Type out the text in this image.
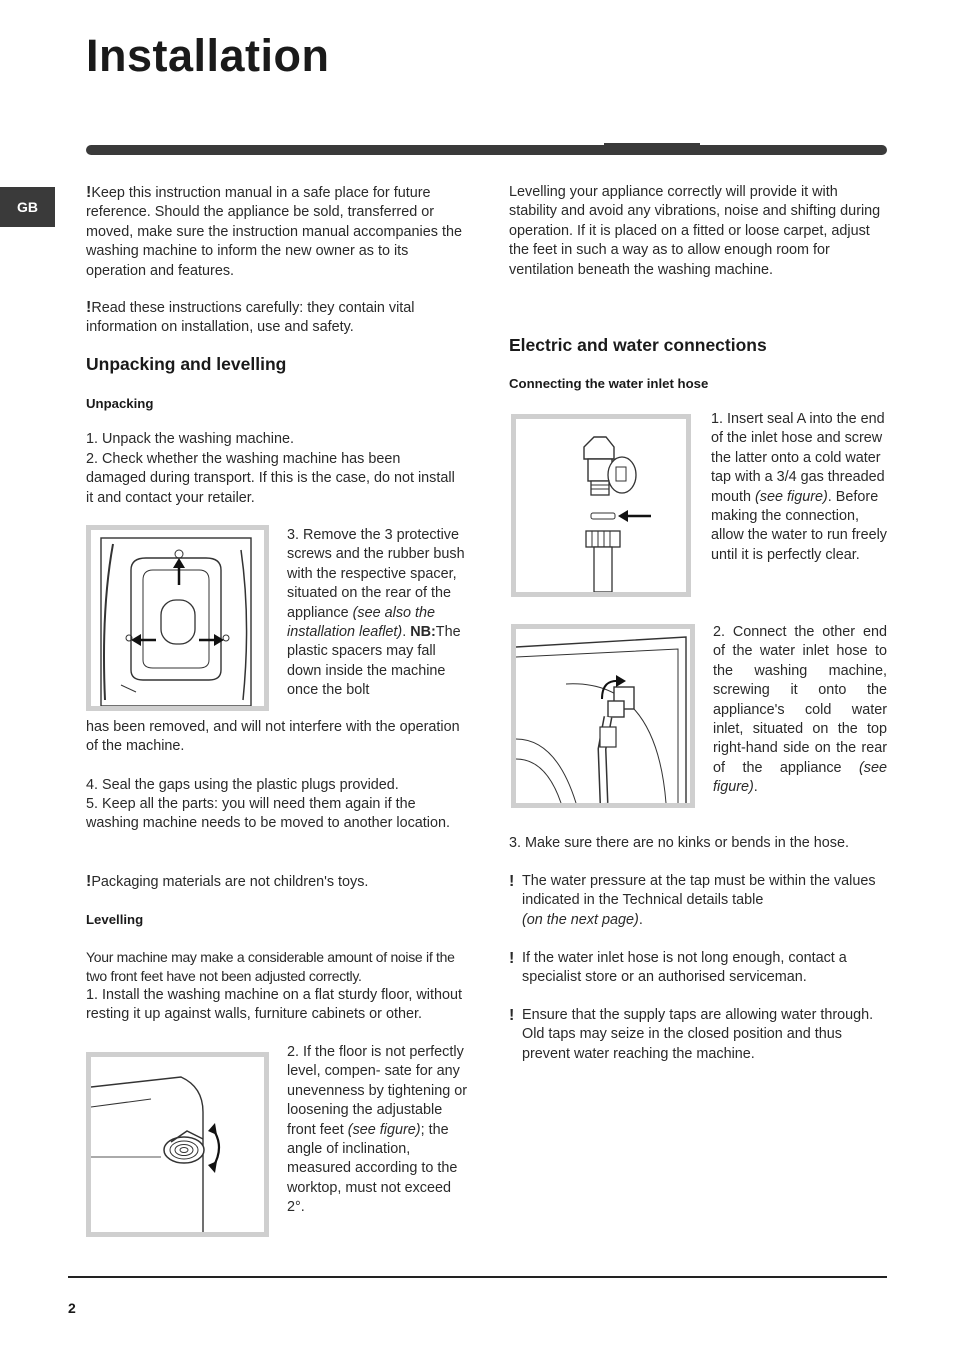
Installation
GB
!Keep this instruction manual in a safe place for future reference. Should the appliance be sold, transferred or moved, make sure the instruction manual accompanies the washing machine to inform the new owner as to its operation and features.
!Read these instructions carefully: they contain vital information on installation, use and safety.
Unpacking and levelling
Unpacking
1. Unpack the washing machine.
2. Check whether the washing machine has been damaged during transport. If this is the case, do not install it and contact your retailer.
3. Remove the 3 protective screws and the rubber bush with the respective spacer, situated on the rear of the appliance (see also the installation leaflet). NB:The plastic spacers may fall down inside the machine once the bolt
has been removed, and will not interfere with the operation of the machine.
4. Seal the gaps using the plastic plugs provided.
5. Keep all the parts: you will need them again if the washing machine needs to be moved to another location.
!Packaging materials are not children's toys.
Levelling
Your machine may make a considerable amount of noise if the two front feet have not been adjusted correctly.
1. Install the washing machine on a flat sturdy floor, without resting it up against walls, furniture cabinets or other.
2. If the floor is not perfectly level, compen- sate for any unevenness by tightening or loosening the adjustable front feet (see figure); the angle of inclination, measured according to the worktop, must not exceed 2°.
Levelling your appliance correctly will provide it with stability and avoid any vibrations, noise and shifting during operation. If it is placed on a fitted or loose carpet, adjust the feet in such a way as to allow enough room for ventilation beneath the washing machine.
Electric and water connections
Connecting the water inlet hose
1. Insert seal A into the end of the inlet hose and screw the latter onto a cold water tap with a 3/4 gas threaded mouth (see figure). Before making the connection, allow the water to run freely until it is perfectly clear.
2. Connect the other end of the water inlet hose to the washing machine, screwing it onto the appliance's cold water inlet, situated on the top right-hand side on the rear of the appliance (see figure).
3. Make sure there are no kinks or bends in the hose.
! The water pressure at the tap must be within the values indicated in the Technical details table
(on the next page).
! If the water inlet hose is not long enough, contact a specialist store or an authorised serviceman.
! Ensure that the supply taps are allowing water through. Old taps may seize in the closed position and thus prevent water reaching the machine.
2
